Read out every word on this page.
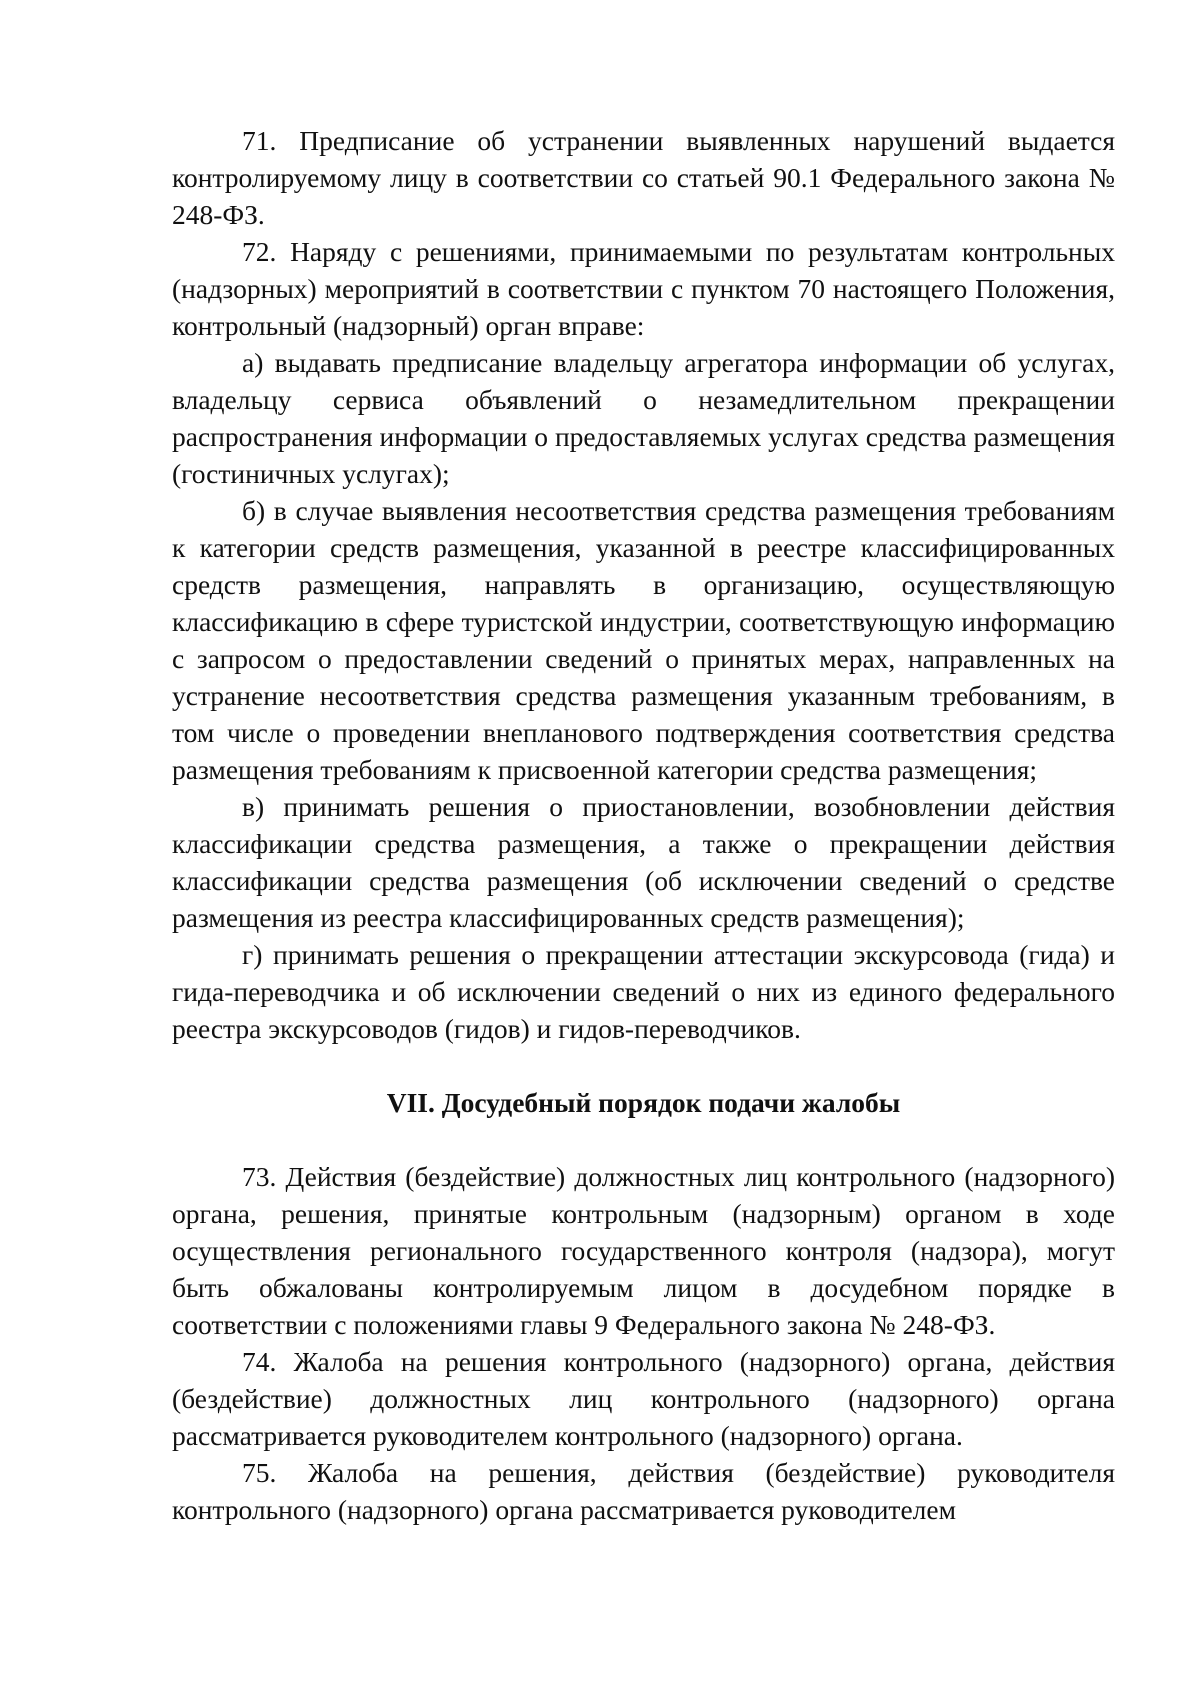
71. Предписание об устранении выявленных нарушений выдается контролируемому лицу в соответствии со статьей 90.1 Федерального закона № 248-ФЗ.

72. Наряду с решениями, принимаемыми по результатам контрольных (надзорных) мероприятий в соответствии с пунктом 70 настоящего Положения, контрольный (надзорный) орган вправе:

а) выдавать предписание владельцу агрегатора информации об услугах, владельцу сервиса объявлений о незамедлительном прекращении распространения информации о предоставляемых услугах средства размещения (гостиничных услугах);

б) в случае выявления несоответствия средства размещения требованиям к категории средств размещения, указанной в реестре классифицированных средств размещения, направлять в организацию, осуществляющую классификацию в сфере туристской индустрии, соответствующую информацию с запросом о предоставлении сведений о принятых мерах, направленных на устранение несоответствия средства размещения указанным требованиям, в том числе о проведении внепланового подтверждения соответствия средства размещения требованиям к присвоенной категории средства размещения;

в) принимать решения о приостановлении, возобновлении действия классификации средства размещения, а также о прекращении действия классификации средства размещения (об исключении сведений о средстве размещения из реестра классифицированных средств размещения);

г) принимать решения о прекращении аттестации экскурсовода (гида) и гида-переводчика и об исключении сведений о них из единого федерального реестра экскурсоводов (гидов) и гидов-переводчиков.

VII. Досудебный порядок подачи жалобы

73. Действия (бездействие) должностных лиц контрольного (надзорного) органа, решения, принятые контрольным (надзорным) органом в ходе осуществления регионального государственного контроля (надзора), могут быть обжалованы контролируемым лицом в досудебном порядке в соответствии с положениями главы 9 Федерального закона № 248-ФЗ.

74. Жалоба на решения контрольного (надзорного) органа, действия (бездействие) должностных лиц контрольного (надзорного) органа рассматривается руководителем контрольного (надзорного) органа.

75. Жалоба на решения, действия (бездействие) руководителя контрольного (надзорного) органа рассматривается руководителем
